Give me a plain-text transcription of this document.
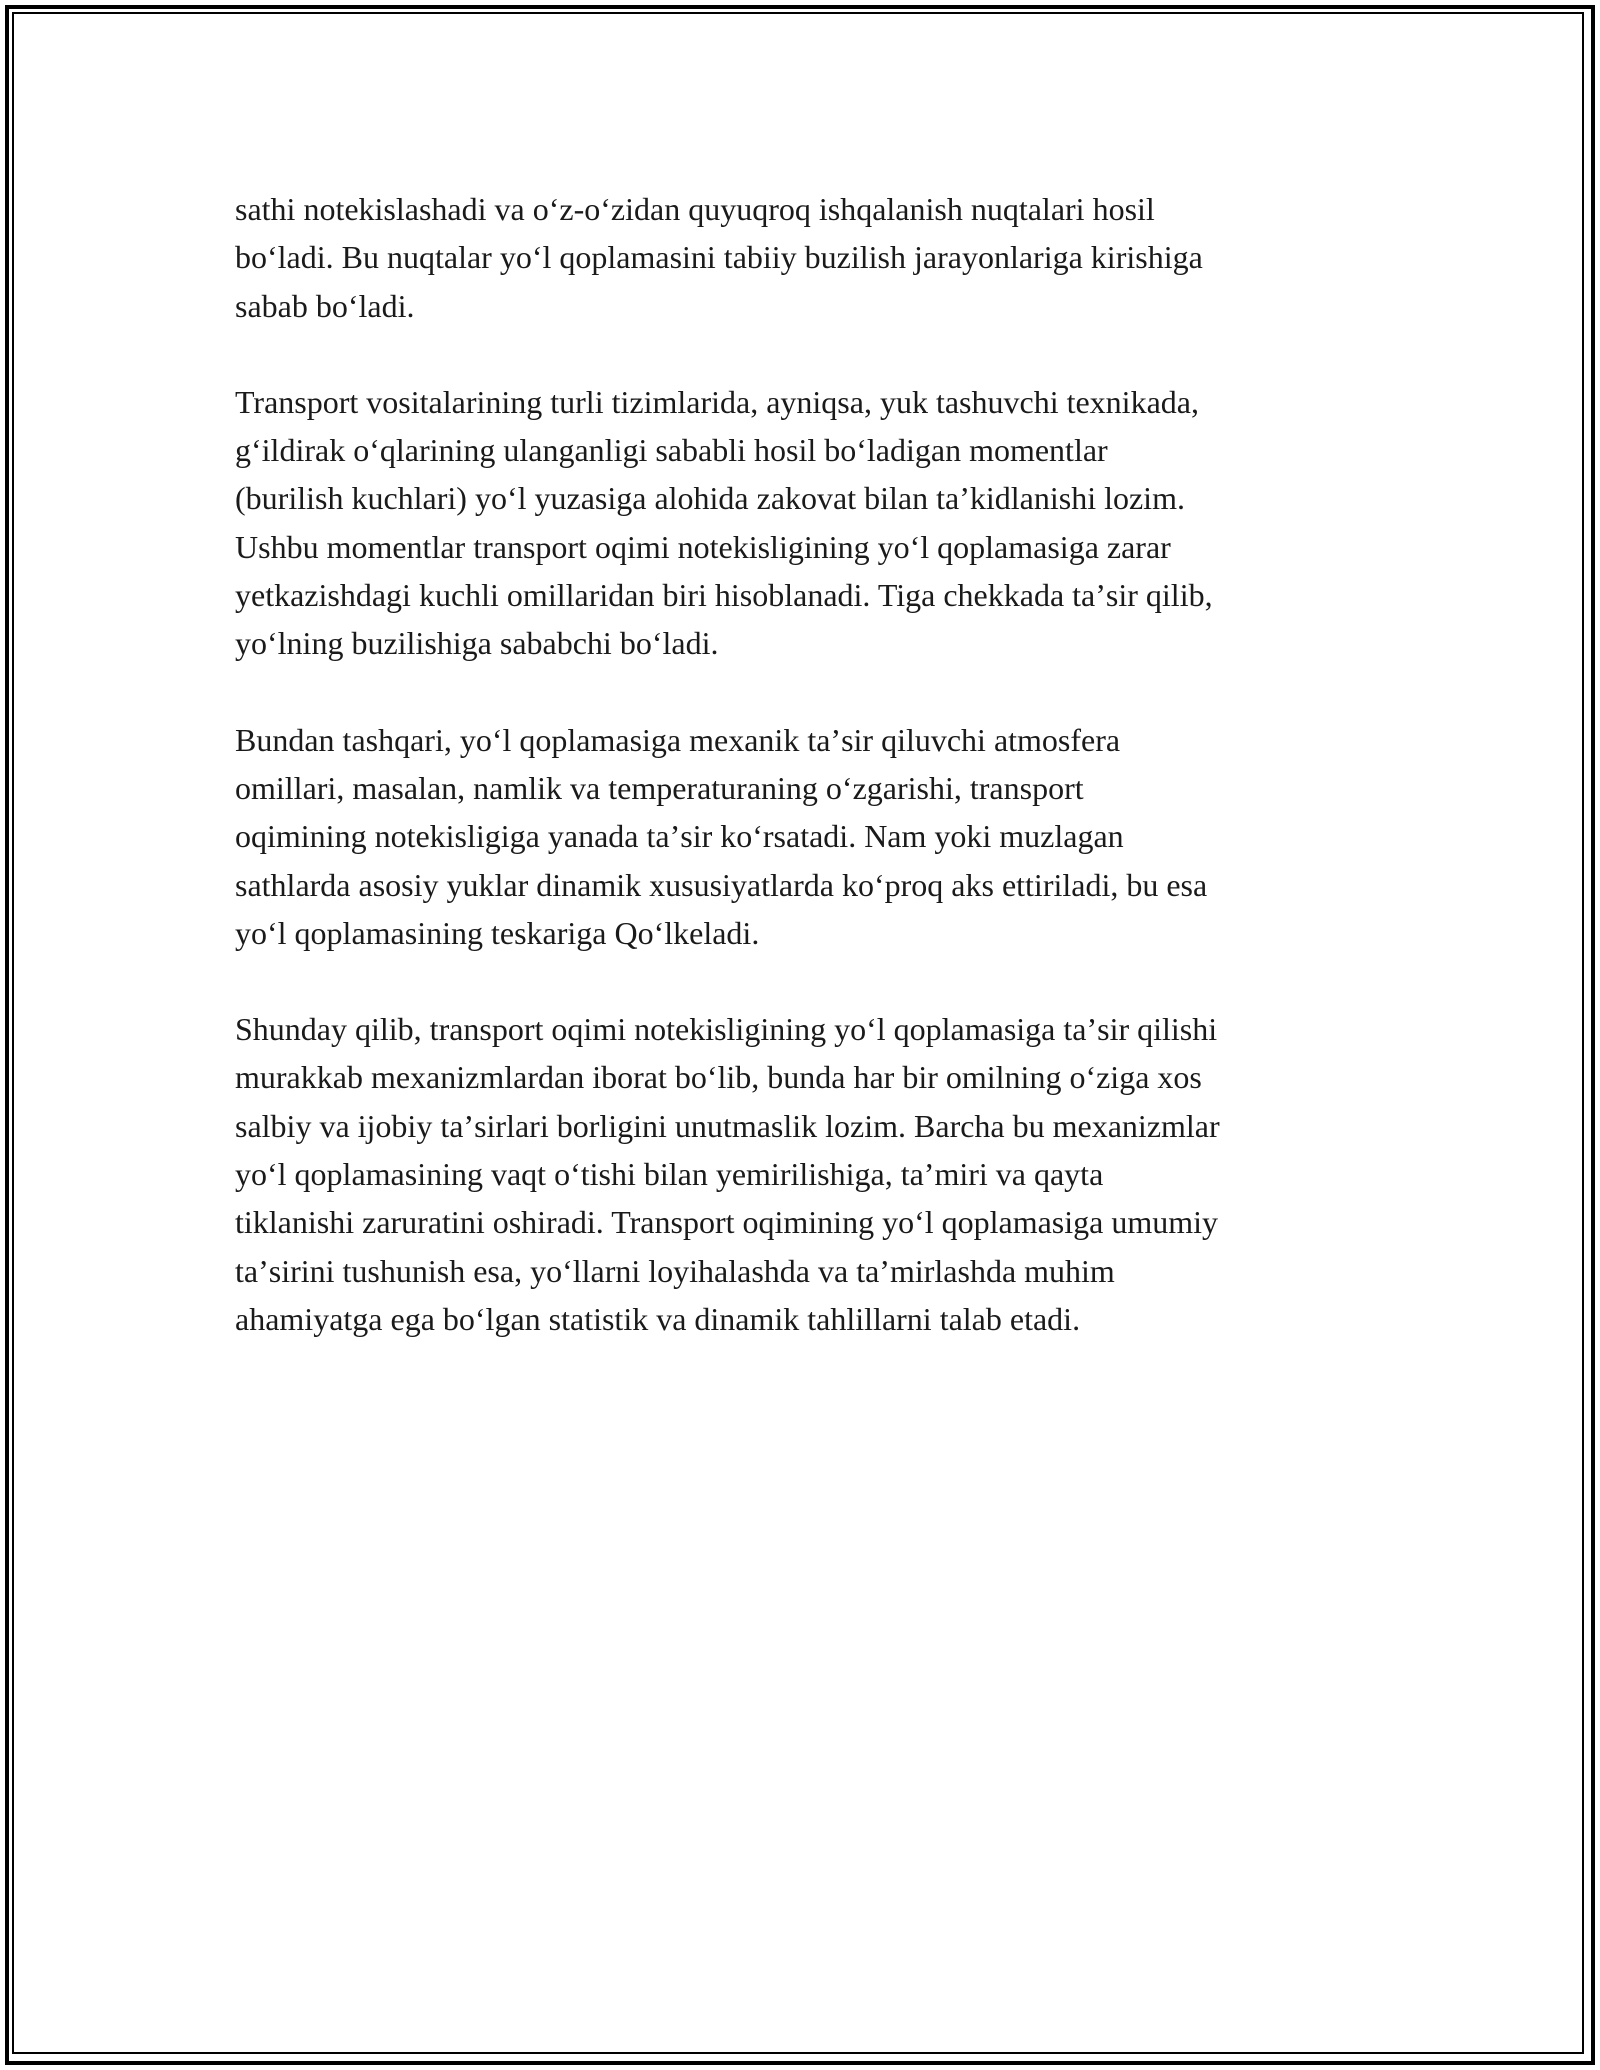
sathi notekislashadi va oʻz-oʻzidan quyuqroq ishqalanish nuqtalari hosil
boʻladi. Bu nuqtalar yoʻl qoplamasini tabiiy buzilish jarayonlariga kirishiga
sabab boʻladi.

Transport vositalarining turli tizimlarida, ayniqsa, yuk tashuvchi texnikada,
gʻildirak oʻqlarining ulanganligi sababli hosil boʻladigan momentlar
(burilish kuchlari) yoʻl yuzasiga alohida zakovat bilan taʼkidlanishi lozim.
Ushbu momentlar transport oqimi notekisligining yoʻl qoplamasiga zarar
yetkazishdagi kuchli omillaridan biri hisoblanadi. Tiga chekkada taʼsir qilib,
yoʻlning buzilishiga sababchi boʻladi.

Bundan tashqari, yoʻl qoplamasiga mexanik taʼsir qiluvchi atmosfera
omillari, masalan, namlik va temperaturaning oʻzgarishi, transport
oqimining notekisligiga yanada taʼsir koʻrsatadi. Nam yoki muzlagan
sathlarda asosiy yuklar dinamik xususiyatlarda koʻproq aks ettiriladi, bu esa
yoʻl qoplamasining teskariga Qoʻlkeladi.

Shunday qilib, transport oqimi notekisligining yoʻl qoplamasiga taʼsir qilishi
murakkab mexanizmlardan iborat boʻlib, bunda har bir omilning oʻziga xos
salbiy va ijobiy taʼsirlari borligini unutmaslik lozim. Barcha bu mexanizmlar
yoʻl qoplamasining vaqt oʻtishi bilan yemirilishiga, taʼmiri va qayta
tiklanishi zaruratini oshiradi. Transport oqimining yoʻl qoplamasiga umumiy
taʼsirini tushunish esa, yoʻllarni loyihalashda va taʼmirlashda muhim
ahamiyatga ega boʻlgan statistik va dinamik tahlillarni talab etadi.
